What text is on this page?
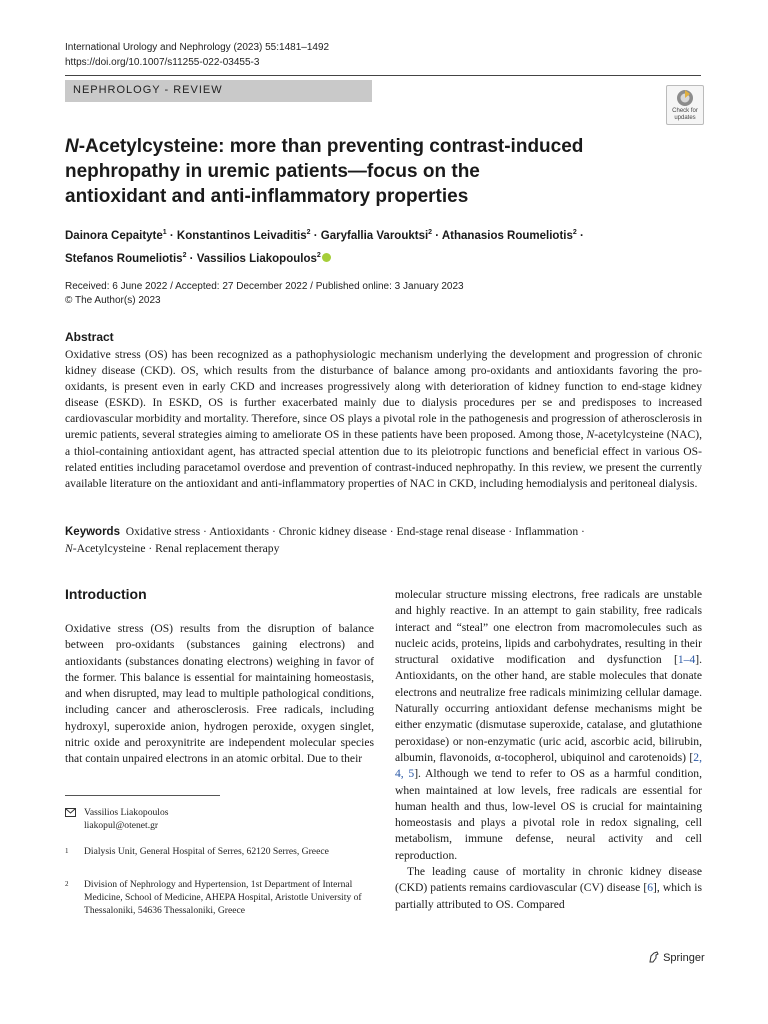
International Urology and Nephrology (2023) 55:1481–1492
https://doi.org/10.1007/s11255-022-03455-3
NEPHROLOGY - REVIEW
Check for
updates
N-Acetylcysteine: more than preventing contrast-induced nephropathy in uremic patients—focus on the antioxidant and anti-inflammatory properties
Dainora Cepaityte$^1$ · Konstantinos Leivaditis$^2$ · Garyfallia Varouktsi$^2$ · Athanasios Roumeliotis$^2$ ·
Stefanos Roumeliotis$^2$ · Vassilios Liakopoulos$^2$
Received: 6 June 2022 / Accepted: 27 December 2022 / Published online: 3 January 2023
© The Author(s) 2023
Abstract
Oxidative stress (OS) has been recognized as a pathophysiologic mechanism underlying the development and progression of chronic kidney disease (CKD). OS, which results from the disturbance of balance among pro-oxidants and antioxidants favoring the pro-oxidants, is present even in early CKD and increases progressively along with deterioration of kidney function to end-stage kidney disease (ESKD). In ESKD, OS is further exacerbated mainly due to dialysis procedures per se and predisposes to increased cardiovascular morbidity and mortality. Therefore, since OS plays a pivotal role in the pathogenesis and progression of atherosclerosis in uremic patients, several strategies aiming to ameliorate OS in these patients have been proposed. Among those, N-acetylcysteine (NAC), a thiol-containing antioxidant agent, has attracted special attention due to its pleiotropic functions and beneficial effect in various OS-related entities including paracetamol overdose and prevention of contrast-induced nephropathy. In this review, we present the currently available literature on the antioxidant and anti-inflammatory properties of NAC in CKD, including hemodialysis and peritoneal dialysis.
Keywords Oxidative stress · Antioxidants · Chronic kidney disease · End-stage renal disease · Inflammation ·
N-Acetylcysteine · Renal replacement therapy
Introduction

Oxidative stress (OS) results from the disruption of balance between pro-oxidants (substances gaining electrons) and antioxidants (substances donating electrons) weighing in favor of the former. This balance is essential for maintaining homeostasis, and when disrupted, may lead to multiple pathological conditions, including cancer and atherosclerosis. Free radicals, including hydroxyl, superoxide anion, hydrogen peroxide, oxygen singlet, nitric oxide and peroxynitrite are independent molecular species that contain unpaired electrons in an atomic orbital. Due to their

molecular structure missing electrons, free radicals are unstable and highly reactive. In an attempt to gain stability, free radicals interact and “steal” one electron from macromolecules such as nucleic acids, proteins, lipids and carbohydrates, resulting in their structural oxidative modification and dysfunction [1–4]. Antioxidants, on the other hand, are stable molecules that donate electrons and neutralize free radicals minimizing cellular damage. Naturally occurring antioxidant defense mechanisms might be either enzymatic (dismutase superoxide, catalase, and glutathione peroxidase) or non-enzymatic (uric acid, ascorbic acid, bilirubin, albumin, flavonoids, α-tocopherol, ubiquinol and carotenoids) [2, 4, 5]. Although we tend to refer to OS as a harmful condition, when maintained at low levels, free radicals are essential for human health and thus, low-level OS is crucial for maintaining homeostasis and plays a pivotal role in redox signaling, cell metabolism, immune defense, neural activity and cell reproduction.

The leading cause of mortality in chronic kidney disease (CKD) patients remains cardiovascular (CV) disease [6], which is partially attributed to OS. Compared

Vassilios Liakopoulos
liakopul@otenet.gr
1 Dialysis Unit, General Hospital of Serres, 62120 Serres, Greece
2 Division of Nephrology and Hypertension, 1st Department of Internal Medicine, School of Medicine, AHEPA Hospital, Aristotle University of Thessaloniki, 54636 Thessaloniki, Greece
Springer
